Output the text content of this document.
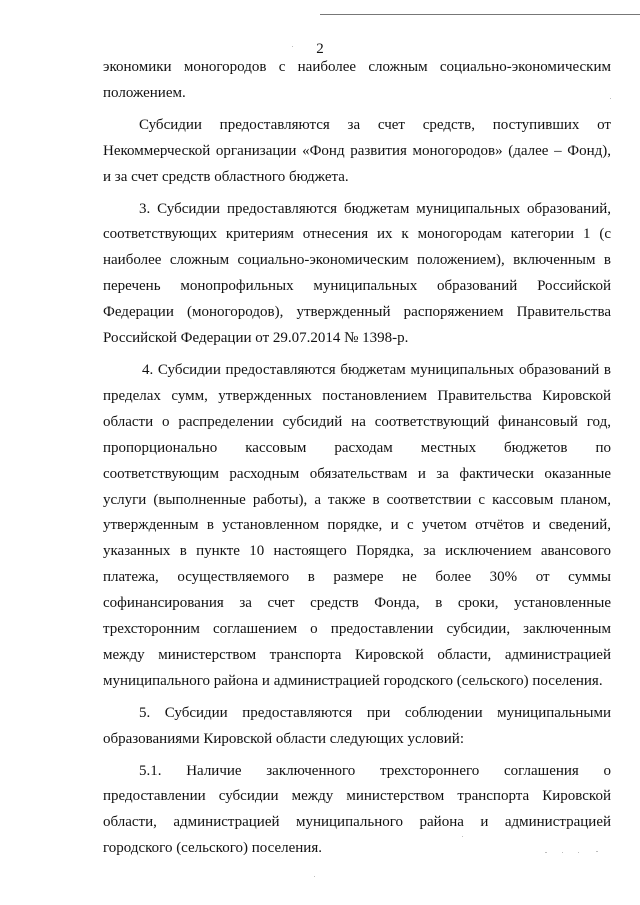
2
экономики моногородов с наиболее сложным социально-экономическим
положением.
Субсидии предоставляются за счет средств, поступивших от
Некоммерческой организации «Фонд развития моногородов» (далее – Фонд),
и за счет средств областного бюджета.
3. Субсидии предоставляются бюджетам муниципальных образований,
соответствующих критериям отнесения их к моногородам категории 1 (с
наиболее сложным социально-экономическим положением), включенным в
перечень монопрофильных муниципальных образований Российской
Федерации (моногородов), утвержденный распоряжением Правительства
Российской Федерации от 29.07.2014 № 1398-р.
4. Субсидии предоставляются бюджетам муниципальных образований в
пределах сумм, утвержденных постановлением Правительства Кировской
области о распределении субсидий на соответствующий финансовый год,
пропорционально кассовым расходам местных бюджетов по
соответствующим расходным обязательствам и за фактически оказанные
услуги (выполненные работы), а также в соответствии с кассовым планом,
утвержденным в установленном порядке, и с учетом отчётов и сведений,
указанных в пункте 10 настоящего Порядка, за исключением авансового
платежа, осуществляемого в размере не более 30% от суммы
софинансирования за счет средств Фонда, в сроки, установленные
трехсторонним соглашением о предоставлении субсидии, заключенным
между министерством транспорта Кировской области, администрацией
муниципального района и администрацией городского (сельского) поселения.
5. Субсидии предоставляются при соблюдении муниципальными
образованиями Кировской области следующих условий:
5.1. Наличие заключенного трехстороннего соглашения о
предоставлении субсидии между министерством транспорта Кировской
области, администрацией муниципального района и администрацией
городского (сельского) поселения.
